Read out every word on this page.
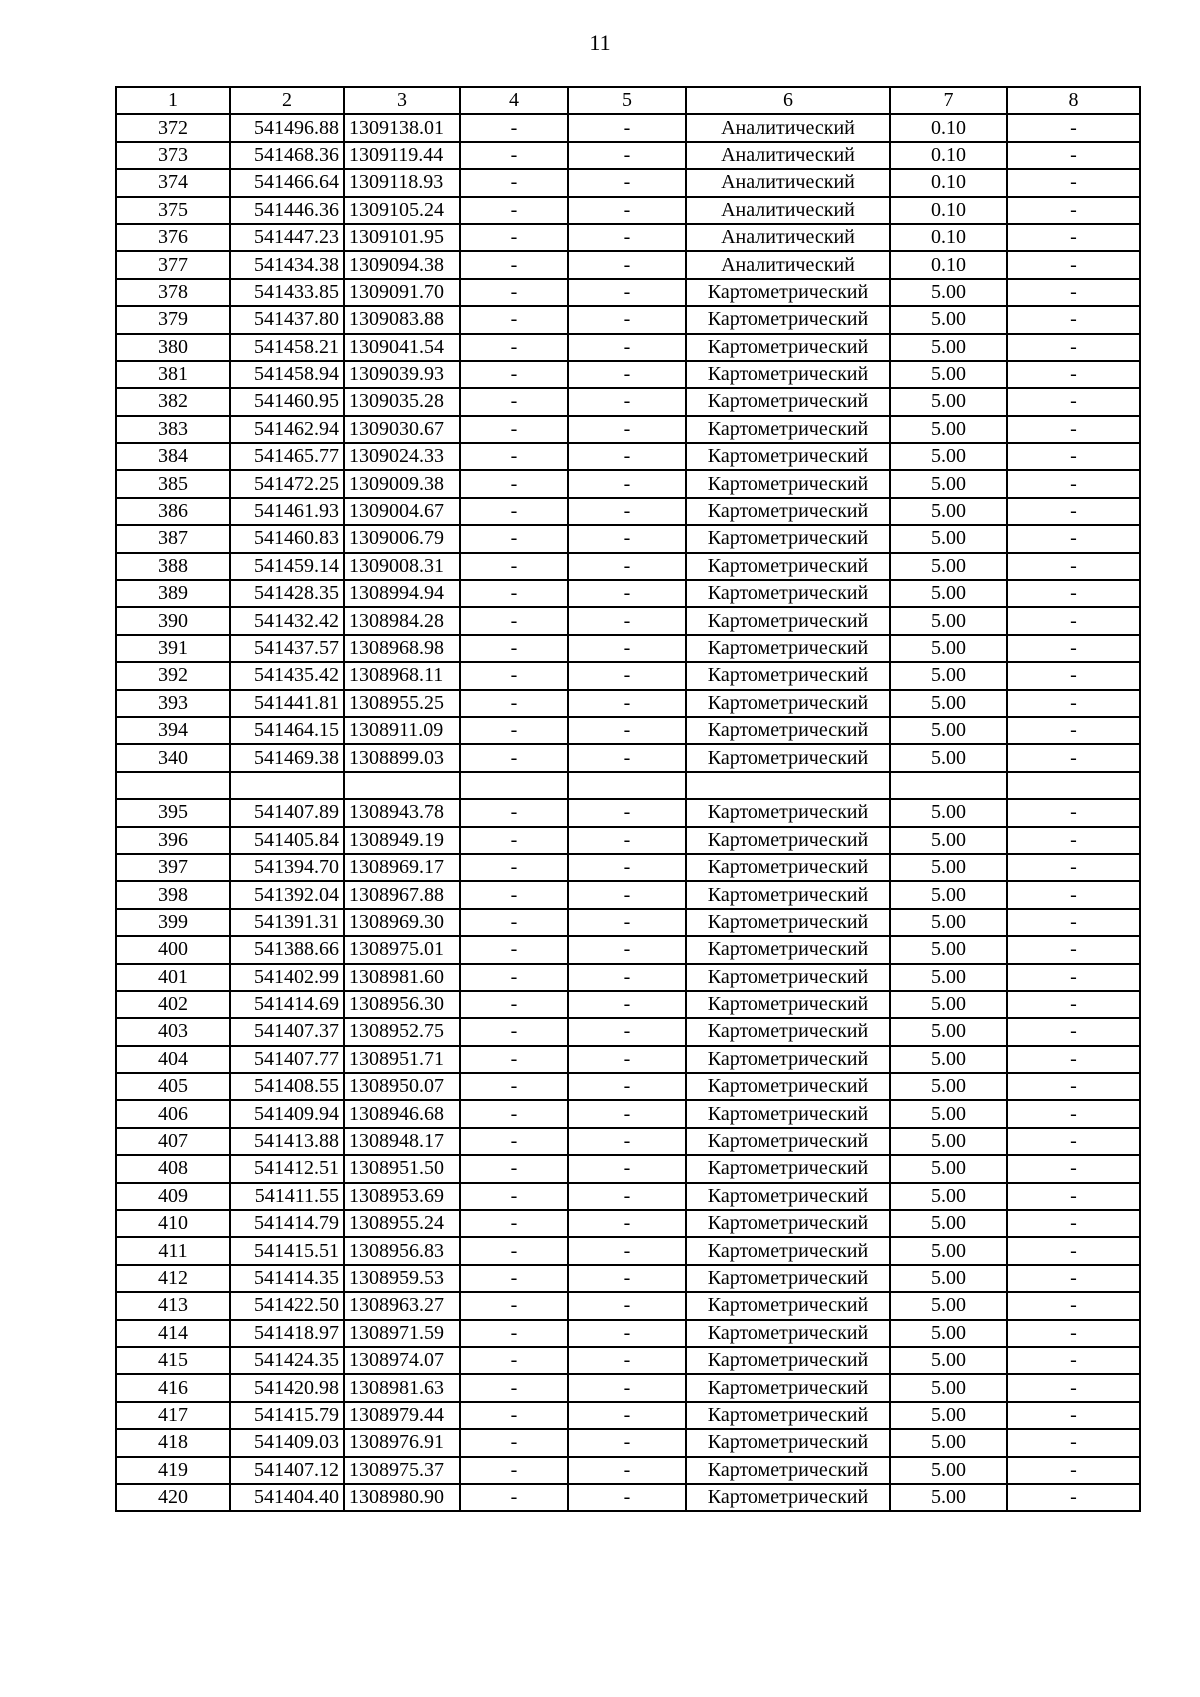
11
1	2	3	4	5	6	7	8
372	541496.88	1309138.01	-	-	Аналитический	0.10	-
373	541468.36	1309119.44	-	-	Аналитический	0.10	-
374	541466.64	1309118.93	-	-	Аналитический	0.10	-
375	541446.36	1309105.24	-	-	Аналитический	0.10	-
376	541447.23	1309101.95	-	-	Аналитический	0.10	-
377	541434.38	1309094.38	-	-	Аналитический	0.10	-
378	541433.85	1309091.70	-	-	Картометрический	5.00	-
379	541437.80	1309083.88	-	-	Картометрический	5.00	-
380	541458.21	1309041.54	-	-	Картометрический	5.00	-
381	541458.94	1309039.93	-	-	Картометрический	5.00	-
382	541460.95	1309035.28	-	-	Картометрический	5.00	-
383	541462.94	1309030.67	-	-	Картометрический	5.00	-
384	541465.77	1309024.33	-	-	Картометрический	5.00	-
385	541472.25	1309009.38	-	-	Картометрический	5.00	-
386	541461.93	1309004.67	-	-	Картометрический	5.00	-
387	541460.83	1309006.79	-	-	Картометрический	5.00	-
388	541459.14	1309008.31	-	-	Картометрический	5.00	-
389	541428.35	1308994.94	-	-	Картометрический	5.00	-
390	541432.42	1308984.28	-	-	Картометрический	5.00	-
391	541437.57	1308968.98	-	-	Картометрический	5.00	-
392	541435.42	1308968.11	-	-	Картометрический	5.00	-
393	541441.81	1308955.25	-	-	Картометрический	5.00	-
394	541464.15	1308911.09	-	-	Картометрический	5.00	-
340	541469.38	1308899.03	-	-	Картометрический	5.00	-

395	541407.89	1308943.78	-	-	Картометрический	5.00	-
396	541405.84	1308949.19	-	-	Картометрический	5.00	-
397	541394.70	1308969.17	-	-	Картометрический	5.00	-
398	541392.04	1308967.88	-	-	Картометрический	5.00	-
399	541391.31	1308969.30	-	-	Картометрический	5.00	-
400	541388.66	1308975.01	-	-	Картометрический	5.00	-
401	541402.99	1308981.60	-	-	Картометрический	5.00	-
402	541414.69	1308956.30	-	-	Картометрический	5.00	-
403	541407.37	1308952.75	-	-	Картометрический	5.00	-
404	541407.77	1308951.71	-	-	Картометрический	5.00	-
405	541408.55	1308950.07	-	-	Картометрический	5.00	-
406	541409.94	1308946.68	-	-	Картометрический	5.00	-
407	541413.88	1308948.17	-	-	Картометрический	5.00	-
408	541412.51	1308951.50	-	-	Картометрический	5.00	-
409	541411.55	1308953.69	-	-	Картометрический	5.00	-
410	541414.79	1308955.24	-	-	Картометрический	5.00	-
411	541415.51	1308956.83	-	-	Картометрический	5.00	-
412	541414.35	1308959.53	-	-	Картометрический	5.00	-
413	541422.50	1308963.27	-	-	Картометрический	5.00	-
414	541418.97	1308971.59	-	-	Картометрический	5.00	-
415	541424.35	1308974.07	-	-	Картометрический	5.00	-
416	541420.98	1308981.63	-	-	Картометрический	5.00	-
417	541415.79	1308979.44	-	-	Картометрический	5.00	-
418	541409.03	1308976.91	-	-	Картометрический	5.00	-
419	541407.12	1308975.37	-	-	Картометрический	5.00	-
420	541404.40	1308980.90	-	-	Картометрический	5.00	-
